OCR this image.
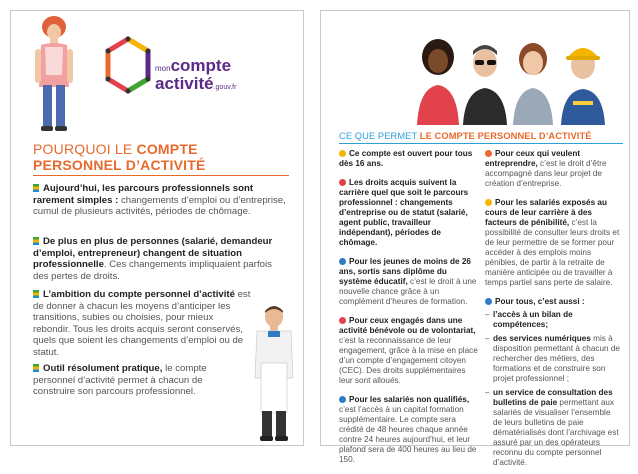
moncompte
activité.gouv.fr
POURQUOI LE COMPTE
PERSONNEL D’ACTIVITÉ
Aujourd’hui, les parcours professionnels sont rarement simples : changements d’emploi ou d’entreprise, cumul de plusieurs activités, périodes de chômage.
De plus en plus de personnes (salarié, demandeur d’emploi, entrepreneur) changent de situation professionnelle. Ces changements impliquaient parfois des pertes de droits.
L’ambition du compte personnel d’activité est de donner à chacun les moyens d’anticiper les transitions, subies ou choisies, pour mieux rebondir. Tous les droits acquis seront conservés, quels que soient les changements d’emploi ou de statut.
Outil résolument pratique, le compte personnel d’activité permet à chacun de construire son parcours professionnel.
CE QUE PERMET LE COMPTE PERSONNEL D’ACTIVITÉ

Ce compte est ouvert pour tous dès 16 ans.

Les droits acquis suivent la carrière quel que soit le parcours professionnel : changements d’entreprise ou de statut (salarié, agent public, travailleur indépendant), périodes de chômage.

Pour les jeunes de moins de 26 ans, sortis sans diplôme du système éducatif, c’est le droit à une nouvelle chance grâce à un complément d’heures de formation.

Pour ceux engagés dans une activité bénévole ou de volontariat, c’est la reconnaissance de leur engagement, grâce à la mise en place d’un compte d’engagement citoyen (CEC). Des droits supplémentaires leur sont alloués.

Pour les salariés non qualifiés, c’est l’accès à un capital formation supplémentaire. Le compte sera crédité de 48 heures chaque année contre 24 heures aujourd’hui, et leur plafond sera de 400 heures au lieu de 150.

Pour ceux qui veulent entreprendre, c’est le droit d’être accompagné dans leur projet de création d’entreprise.

Pour les salariés exposés au cours de leur carrière à des facteurs de pénibilité, c’est la possibilité de consulter leurs droits et de leur permettre de se former pour accéder à des emplois moins pénibles, de partir à la retraite de manière anticipée ou de travailler à temps partiel sans perte de salaire.

Pour tous, c’est aussi :

– l’accès à un bilan de compétences;
– des services numériques mis à disposition permettant à chacun de rechercher des métiers, des formations et de construire son projet professionnel ;
– un service de consultation des bulletins de paie permettant aux salariés de visualiser l’ensemble de leurs bulletins de paie dématérialisés dont l’archivage est assuré par un des opérateurs reconnu du compte personnel d’activité.
